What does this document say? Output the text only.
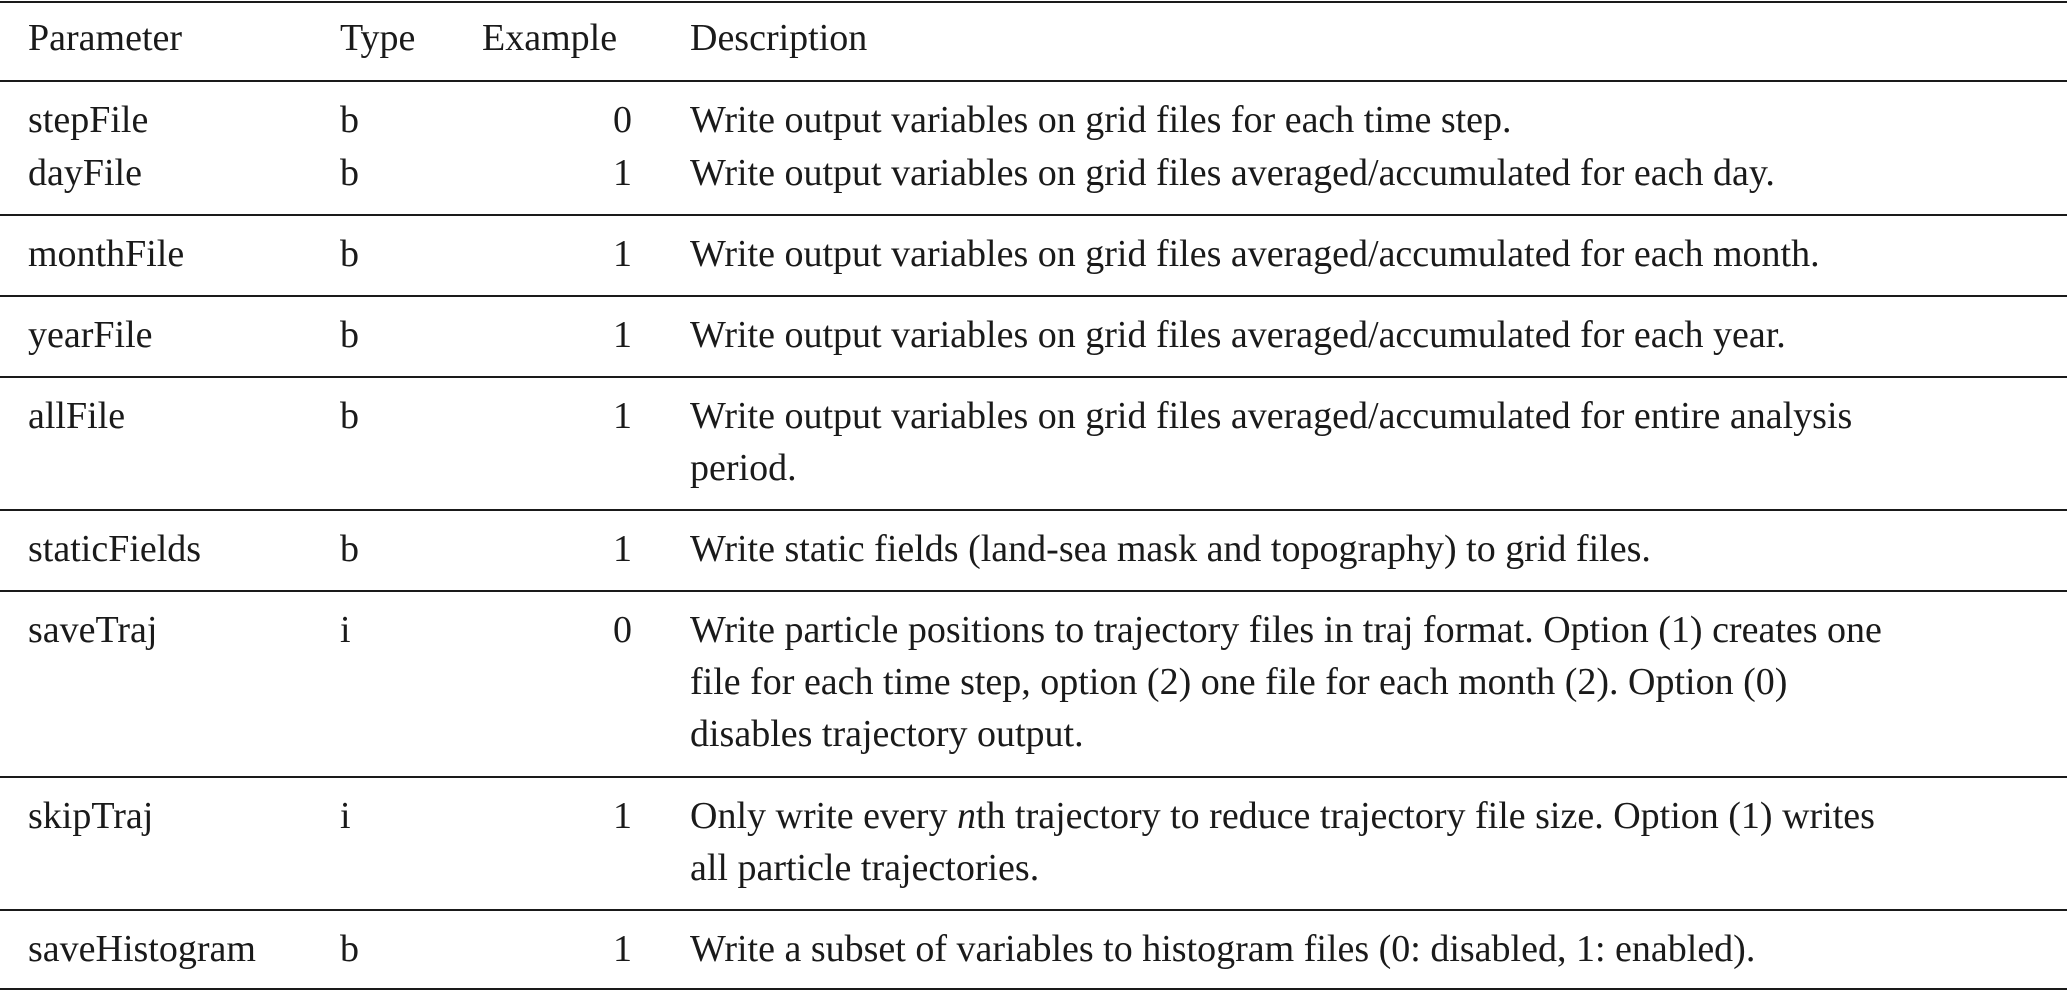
Parameter	Type Example Description
stepFile	b	0 Write output variables on grid files for each time step.
dayFile	b	1 Write output variables on grid files averaged/accumulated for each day.
monthFile	b	1 Write output variables on grid files averaged/accumulated for each month.
yearFile	b	1 Write output variables on grid files averaged/accumulated for each year.
allFile	b	1 Write output variables on grid files averaged/accumulated for entire analysis
period.
staticFields	b	1 Write static fields (land-sea mask and topography) to grid files.
saveTraj	i	0 Write particle positions to trajectory files in traj format. Option (1) creates one
file for each time step, option (2) one file for each month (2). Option (0)
disables trajectory output.
skipTraj	i	1 Only write every nth trajectory to reduce trajectory file size. Option (1) writes
all particle trajectories.
saveHistogram b	1 Write a subset of variables to histogram files (0: disabled, 1: enabled).
